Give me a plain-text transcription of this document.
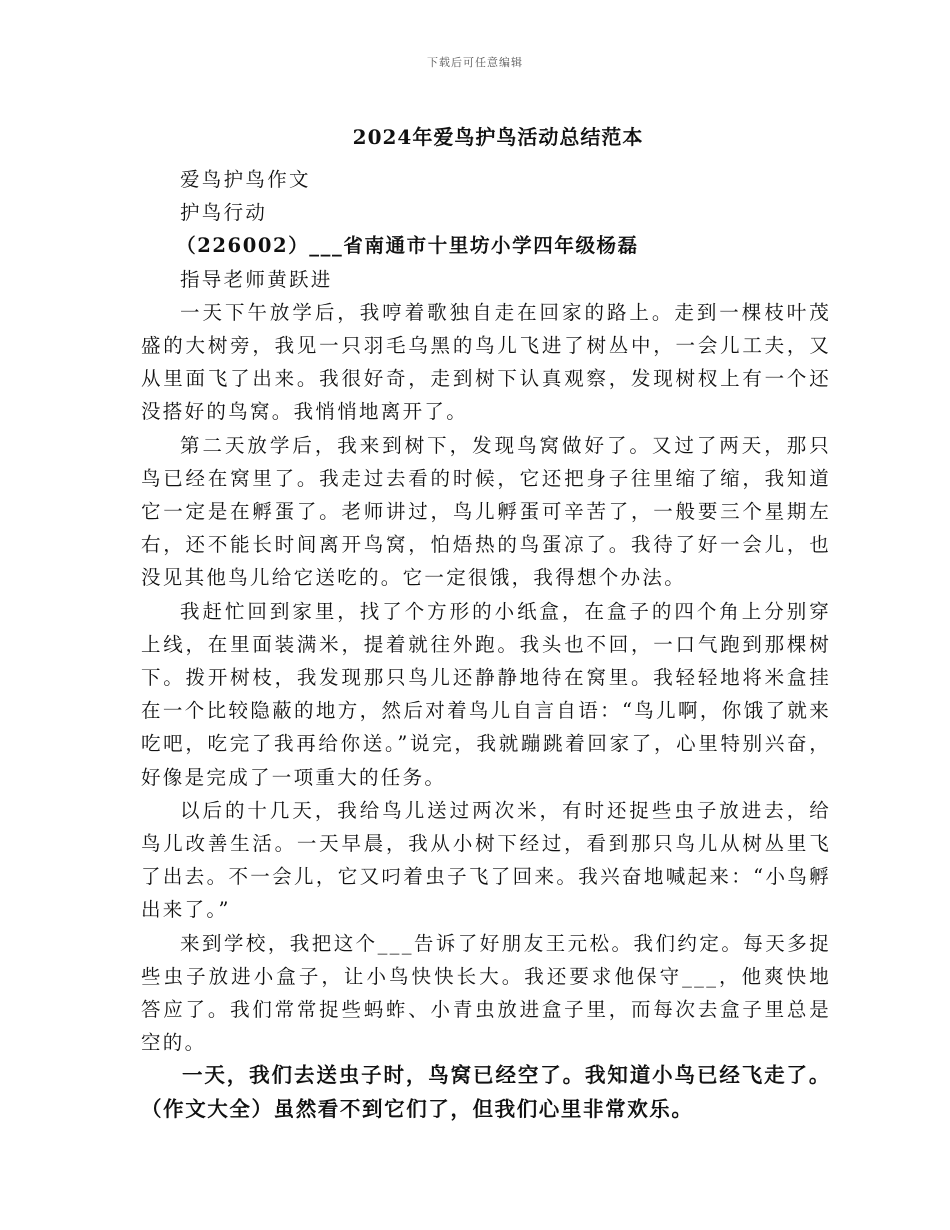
下载后可任意编辑
2024年爱鸟护鸟活动总结范本

爱鸟护鸟作文

护鸟行动

（226002）___省南通市十里坊小学四年级杨磊

指导老师黄跃进

一天下午放学后，我哼着歌独自走在回家的路上。走到一棵枝叶茂盛的大树旁，我见一只羽毛乌黑的鸟儿飞进了树丛中，一会儿工夫，又从里面飞了出来。我很好奇，走到树下认真观察，发现树杈上有一个还没搭好的鸟窝。我悄悄地离开了。

第二天放学后，我来到树下，发现鸟窝做好了。又过了两天，那只鸟已经在窝里了。我走过去看的时候，它还把身子往里缩了缩，我知道它一定是在孵蛋了。老师讲过，鸟儿孵蛋可辛苦了，一般要三个星期左右，还不能长时间离开鸟窝，怕焐热的鸟蛋凉了。我待了好一会儿，也没见其他鸟儿给它送吃的。它一定很饿，我得想个办法。

我赶忙回到家里，找了个方形的小纸盒，在盒子的四个角上分别穿上线，在里面装满米，提着就往外跑。我头也不回，一口气跑到那棵树下。拨开树枝，我发现那只鸟儿还静静地待在窝里。我轻轻地将米盒挂在一个比较隐蔽的地方，然后对着鸟儿自言自语：“鸟儿啊，你饿了就来吃吧，吃完了我再给你送。”说完，我就蹦跳着回家了，心里特别兴奋，好像是完成了一项重大的任务。

以后的十几天，我给鸟儿送过两次米，有时还捉些虫子放进去，给鸟儿改善生活。一天早晨，我从小树下经过，看到那只鸟儿从树丛里飞了出去。不一会儿，它又叼着虫子飞了回来。我兴奋地喊起来：“小鸟孵出来了。”

来到学校，我把这个___告诉了好朋友王元松。我们约定。每天多捉些虫子放进小盒子，让小鸟快快长大。我还要求他保守___，他爽快地答应了。我们常常捉些蚂蚱、小青虫放进盒子里，而每次去盒子里总是空的。

一天，我们去送虫子时，鸟窝已经空了。我知道小鸟已经飞走了。（作文大全）虽然看不到它们了，但我们心里非常欢乐。
